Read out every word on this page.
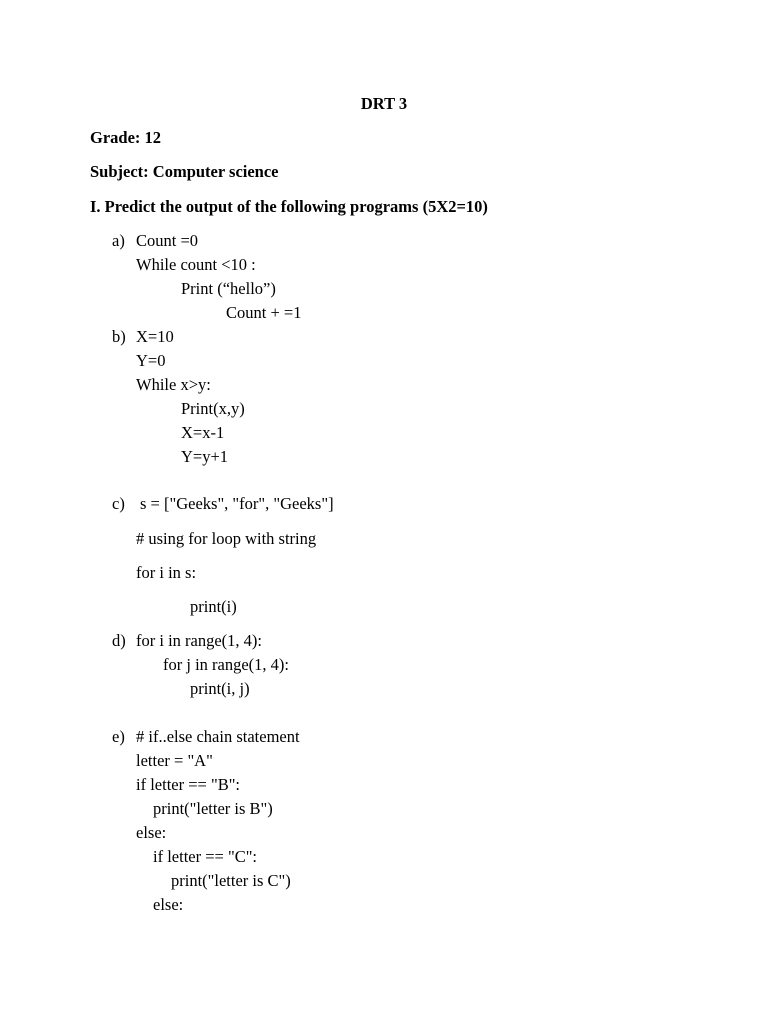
DRT 3
Grade: 12
Subject: Computer science
I. Predict the output of the following programs (5X2=10)
a) Count =0
While count <10 :
Print (“hello”)
Count + =1
b) X=10
Y=0
While x>y:
Print(x,y)
X=x-1
Y=y+1
c) s = ["Geeks", "for", "Geeks"]
# using for loop with string
for i in s:
print(i)
d) for i in range(1, 4):
for j in range(1, 4):
print(i, j)
e) # if..else chain statement
letter = "A"
if letter == "B":
print("letter is B")
else:
if letter == "C":
print("letter is C")
else:
